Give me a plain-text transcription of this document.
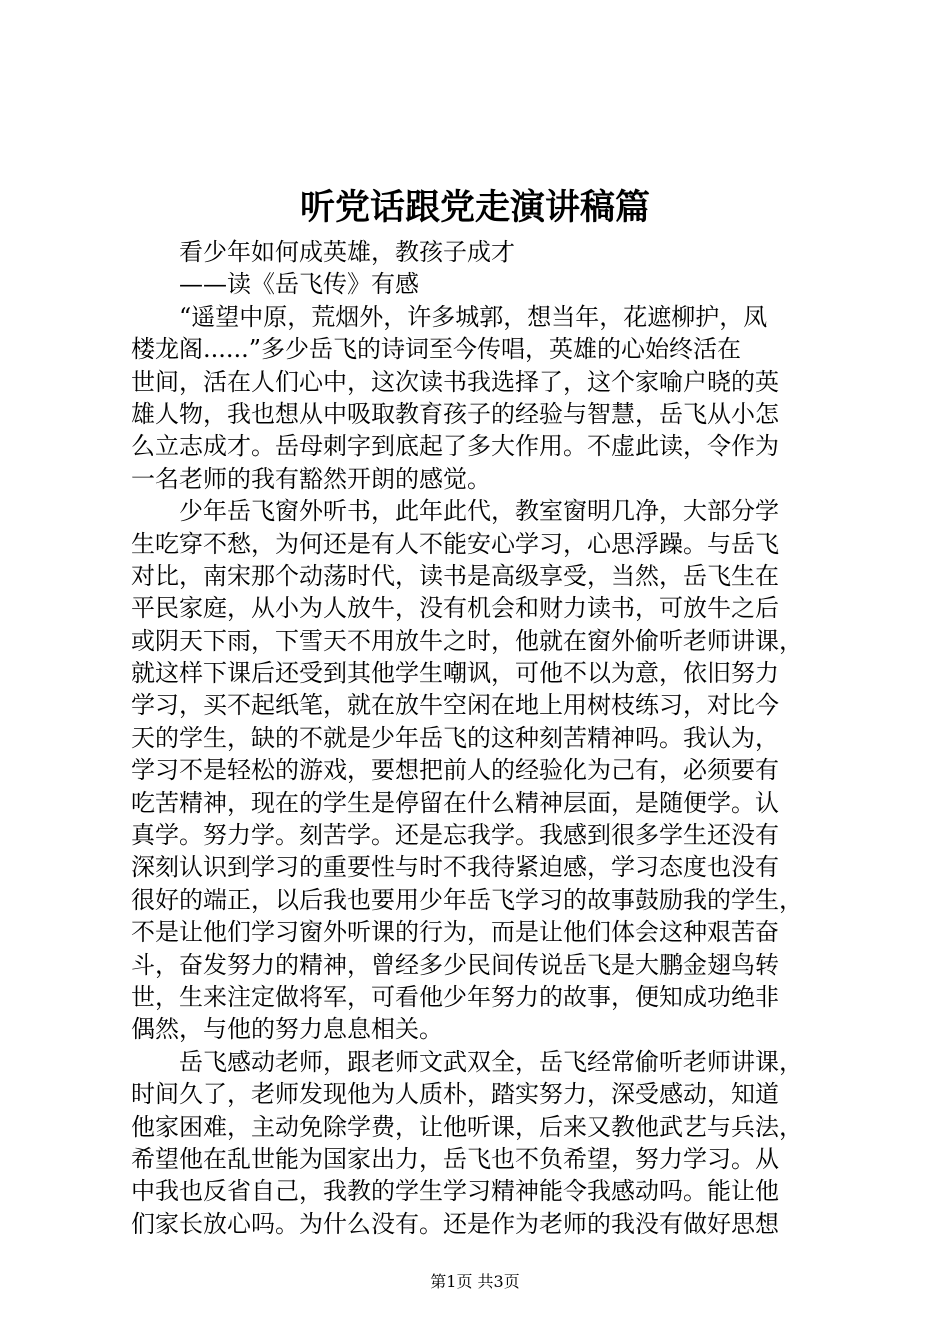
听党话跟党走演讲稿篇
看少年如何成英雄，教孩子成才
——读《岳飞传》有感
“遥望中原，荒烟外，许多城郭，想当年，花遮柳护，凤
楼龙阁......”多少岳飞的诗词至今传唱，英雄的心始终活在
世间，活在人们心中，这次读书我选择了，这个家喻户晓的英
雄人物，我也想从中吸取教育孩子的经验与智慧，岳飞从小怎
么立志成才。岳母刺字到底起了多大作用。不虚此读，令作为
一名老师的我有豁然开朗的感觉。
少年岳飞窗外听书，此年此代，教室窗明几净，大部分学
生吃穿不愁，为何还是有人不能安心学习，心思浮躁。与岳飞
对比，南宋那个动荡时代，读书是高级享受，当然，岳飞生在
平民家庭，从小为人放牛，没有机会和财力读书，可放牛之后
或阴天下雨，下雪天不用放牛之时，他就在窗外偷听老师讲课，
就这样下课后还受到其他学生嘲讽，可他不以为意，依旧努力
学习，买不起纸笔，就在放牛空闲在地上用树枝练习，对比今
天的学生，缺的不就是少年岳飞的这种刻苦精神吗。我认为，
学习不是轻松的游戏，要想把前人的经验化为己有，必须要有
吃苦精神，现在的学生是停留在什么精神层面，是随便学。认
真学。努力学。刻苦学。还是忘我学。我感到很多学生还没有
深刻认识到学习的重要性与时不我待紧迫感，学习态度也没有
很好的端正，以后我也要用少年岳飞学习的故事鼓励我的学生，
不是让他们学习窗外听课的行为，而是让他们体会这种艰苦奋
斗，奋发努力的精神，曾经多少民间传说岳飞是大鹏金翅鸟转
世，生来注定做将军，可看他少年努力的故事，便知成功绝非
偶然，与他的努力息息相关。
岳飞感动老师，跟老师文武双全，岳飞经常偷听老师讲课，
时间久了，老师发现他为人质朴，踏实努力，深受感动，知道
他家困难，主动免除学费，让他听课，后来又教他武艺与兵法，
希望他在乱世能为国家出力，岳飞也不负希望，努力学习。从
中我也反省自己，我教的学生学习精神能令我感动吗。能让他
们家长放心吗。为什么没有。还是作为老师的我没有做好思想
第1页 共3页
